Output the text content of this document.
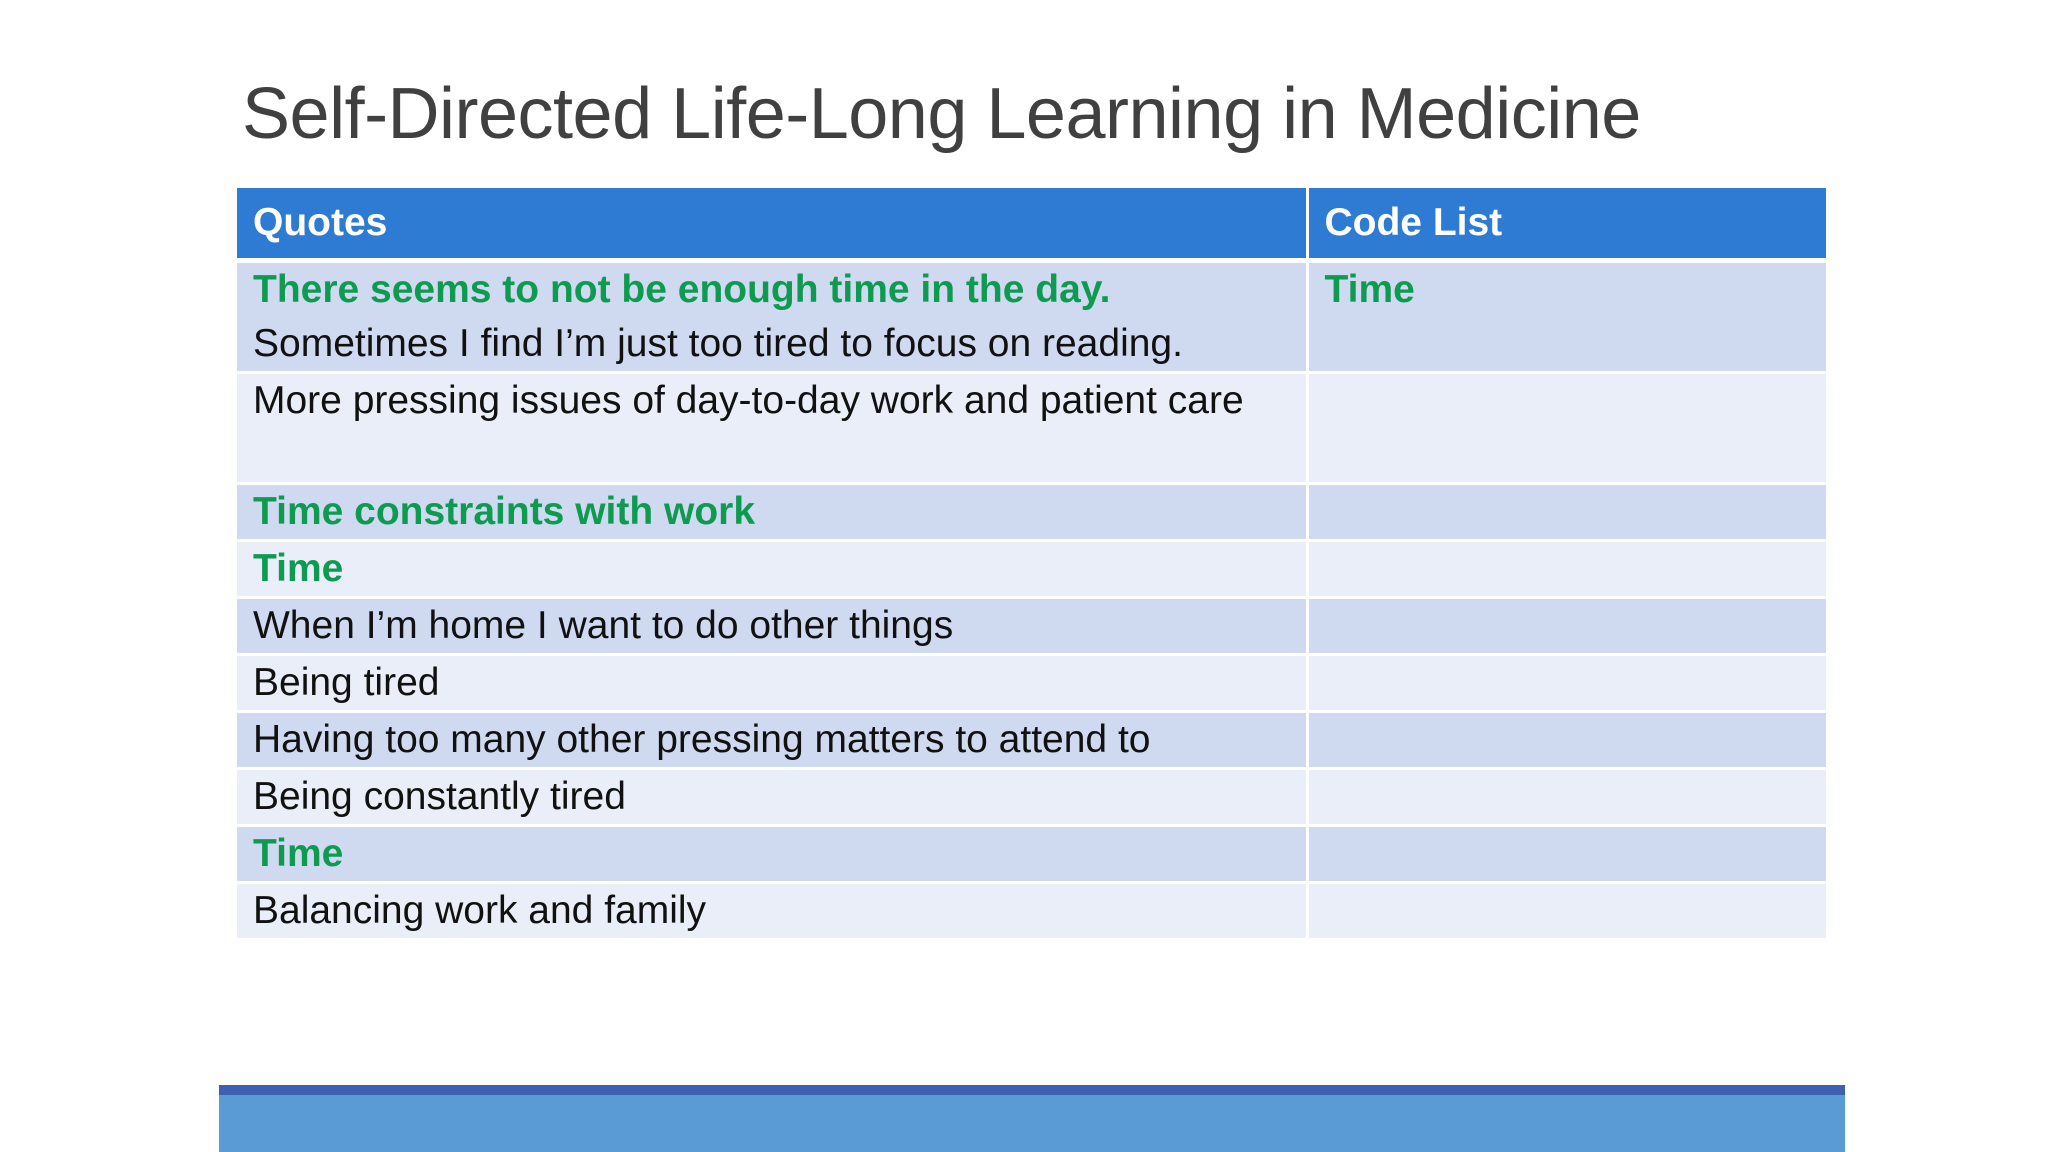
Self-Directed Life-Long Learning in Medicine
Quotes	Code List

There seems to not be enough time in the day.
Sometimes I find I’m just too tired to focus on reading.	Time

More pressing issues of day-to-day work and patient care	

Time constraints with work	

Time	

When I’m home I want to do other things	

Being tired	

Having too many other pressing matters to attend to	

Being constantly tired	

Time	

Balancing work and family	
